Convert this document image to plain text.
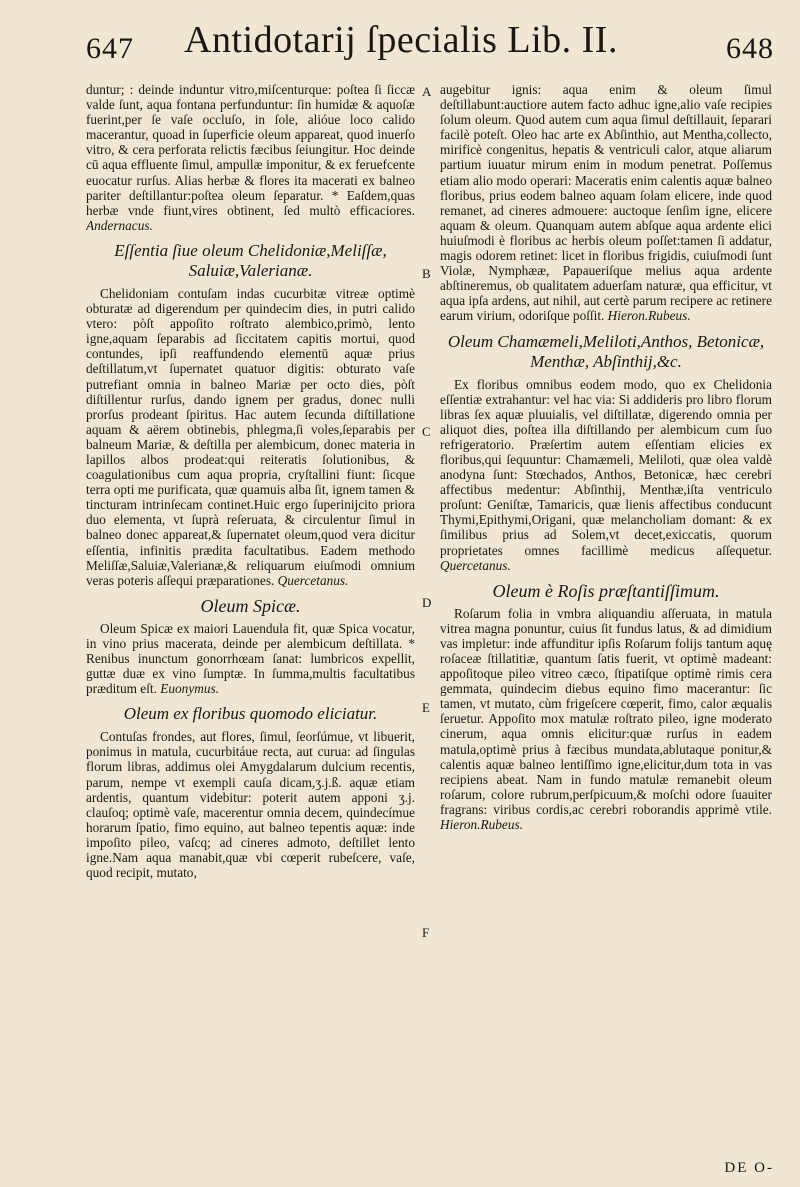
647	Antidotarij ſpecialis Lib. II.	648
A
B
C
D
E
F

duntur; : deinde induntur vitro,miſcenturque: poſtea ſi ſiccæ valde ſunt, aqua fontana perfunduntur: ſin humidæ & aquoſæ fuerint,per ſe vaſe occluſo, in ſole, alióue loco calido macerantur, quoad in ſuperficie oleum appareat, quod inuerſo vitro, & cera perforata relictis fæcibus ſeiungitur. Hoc deinde cū aqua effluente ſimul, ampullæ imponitur, & ex feruefcente euocatur rurſus. Alias herbæ & flores ita macerati ex balneo pariter deſtillantur:poſtea oleum ſeparatur. * Eaſdem,quas herbæ vnde fiunt,vires obtinent, ſed multò efficaciores. Andernacus.

Eſſentia ſiue oleum Chelidoniæ,Meliſſæ, Saluiæ,Valerianæ.

Chelidoniam contuſam indas cucurbitæ vitreæ optimè obturatæ ad digerendum per quindecim dies, in putri calido vtero: pòſt appoſito roſtrato alembico,primò, lento igne,aquam ſeparabis ad ſiccitatem capitis mortui, quod contundes, ipſi reaffundendo elementū aquæ prius deſtillatum,vt ſupernatet quatuor digitis: obturato vaſe putrefiant omnia in balneo Mariæ per octo dies, pòſt diſtillentur rurſus, dando ignem per gradus, donec nulli prorſus prodeant ſpiritus. Hac autem ſecunda diſtillatione aquam & aërem obtinebis, phlegma,ſi voles,ſeparabis per balneum Mariæ, & deſtilla per alembicum, donec materia in lapillos albos prodeat:qui reiteratis ſolutionibus, & coagulationibus cum aqua propria, cryſtallini fiunt: ſicque terra opti me purificata, quæ quamuis alba ſit, ignem tamen & tincturam intrinſecam continet.Huic ergo ſuperinijcito priora duo elementa, vt ſuprà reſeruata, & circulentur ſimul in balneo donec appareat,& ſupernatet oleum,quod vera dicitur eſſentia, infinitis prædita facultatibus. Eadem methodo Meliſſæ,Saluiæ,Valerianæ,& reliquarum eiuſmodi omnium veras poteris aſſequi præparationes. Quercetanus.

Oleum Spicæ.

Oleum Spicæ ex maiori Lauendula fit, quæ Spica vocatur, in vino prius macerata, deinde per alembicum deſtillata. * Renibus inunctum gonorrhœam ſanat: lumbricos expellit, guttæ duæ ex vino ſumptæ. In ſumma,multis facultatibus præditum eſt. Euonymus.

Oleum ex floribus quomodo eliciatur.

Contuſas frondes, aut flores, ſimul, ſeorſúmue, vt libuerit, ponimus in matula, cucurbitáue recta, aut curua: ad ſingulas florum libras, addimus olei Amygdalarum dulcium recentis, parum, nempe vt exempli cauſa dicam,ʒ.j.ß. aquæ etiam ardentis, quantum videbitur: poterit autem apponi ʒ.j. clauſoq; optimè vaſe, macerentur omnia decem, quindecímue horarum ſpatio, fimo equino, aut balneo tepentis aquæ: inde impoſito pileo, vaſcq; ad cineres admoto, deſtillet lento igne.Nam aqua manabit,quæ vbi cœperit rubeſcere, vaſe, quod recipit, mutato,

augebitur ignis: aqua enim & oleum ſimul deſtillabunt:auctiore autem facto adhuc igne,alio vaſe recipies ſolum oleum. Quod autem cum aqua ſimul deſtillauit, ſeparari facilè poteſt. Oleo hac arte ex Abſinthio, aut Mentha,collecto, mirificè congenitus, hepatis & ventriculi calor, atque aliarum partium iuuatur mirum enim in modum penetrat. Poſſemus etiam alio modo operari: Maceratis enim calentis aquæ balneo floribus, prius eodem balneo aquam ſolam elicere, inde quod remanet, ad cineres admouere: auctoque ſenſim igne, elicere aquam & oleum. Quanquam autem abſque aqua ardente elici huiuſmodi è floribus ac herbis oleum poſſet:tamen ſi addatur, magis odorem retinet: licet in floribus frigidis, cuiuſmodi ſunt Violæ, Nymphææ, Papaueriſque melius aqua ardente abſtineremus, ob qualitatem aduerſam naturæ, qua efficitur, vt aqua ipſa ardens, aut nihil, aut certè parum recipere ac retinere earum virium, odoriſque poſſit. Hieron.Rubeus.

Oleum Chamæmeli,Meliloti,Anthos, Betonicæ, Menthæ, Abſinthij,&c.

Ex floribus omnibus eodem modo, quo ex Chelidonia eſſentiæ extrahantur: vel hac via: Si addideris pro libro florum libras ſex aquæ pluuialis, vel diſtillatæ, digerendo omnia per aliquot dies, poſtea illa diſtillando per alembicum cum ſuo refrigeratorio. Præſertim autem eſſentiam elicies ex floribus,qui ſequuntur: Chamæmeli, Meliloti, quæ olea valdè anodyna ſunt: Stœchados, Anthos, Betonicæ, hæc cerebri affectibus medentur: Abſinthij, Menthæ,iſta ventriculo proſunt: Geniſtæ, Tamaricis, quæ lienis affectibus conducunt Thymi,Epithymi,Origani, quæ melancholiam domant: & ex ſimilibus prius ad Solem,vt decet,exiccatis, quorum proprietates omnes facillimè medicus aſſequetur. Quercetanus.

Oleum è Roſis præſtantiſſimum.

Roſarum folia in vmbra aliquandiu aſſeruata, in matula vitrea magna ponuntur, cuius ſit fundus latus, & ad dimidium vas impletur: inde affunditur ipſis Roſarum folijs tantum aquę roſaceæ ſtillatitiæ, quantum ſatis fuerit, vt optimè madeant: appoſitoque pileo vitreo cæco, ſtipatiſque optimè rimis cera gemmata, quindecim diebus equino fimo macerantur: ſic tamen, vt mutato, cùm frigeſcere cœperit, fimo, calor æqualis ſeruetur. Appoſito mox matulæ roſtrato pileo, igne moderato cinerum, aqua omnis elicitur:quæ rurſus in eadem matula,optimè prius à fæcibus mundata,ablutaque ponitur,& calentis aquæ balneo lentiſſimo igne,elicitur,dum tota in vas recipiens abeat. Nam in fundo matulæ remanebit oleum roſarum, colore rubrum,perſpicuum,& moſchi odore ſuauiter fragrans: viribus cordis,ac cerebri roborandis apprimè vtile. Hieron.Rubeus.

DE O-
